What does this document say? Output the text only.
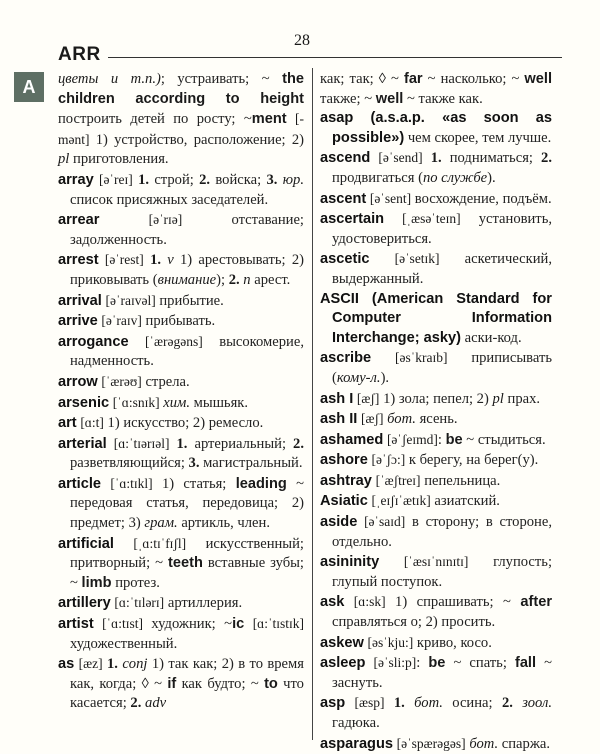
ARR
28
A	цветы и т.п.); устраивать; ~ the children according to height построить детей по росту; ~ment [-mənt] 1) устройство, расположение; 2) pl приготовления.

array [əˈreɪ] 1. строй; 2. войска; 3. юр. список присяжных заседателей.

arrear	[əˈrɪə] отставание; задолженность.

arrest [əˈrest] 1. v 1) арестовывать; 2) приковывать (внимание); 2. n арест.

arrival [əˈraɪvəl] прибытие.

arrive [əˈraɪv] прибывать.

arrogance [ˈærəgəns] высокомерие, надменность.

arrow [ˈærəʊ] стрела.

arsenic [ˈɑ:snɪk] хим. мышьяк.

art [ɑ:t] 1) искусство; 2) ремесло.

arterial [ɑ:ˈtɪərɪəl] 1. артериальный; 2. разветвляющийся; 3. магистральный.

article [ˈɑ:tɪkl] 1) статья; leading ~ передовая статья, передовица; 2) предмет; 3) грам. артикль, член.

artificial [ˌɑ:tɪˈfɪʃl] искусственный; притворный; ~ teeth вставные зубы; ~ limb протез.

artillery [ɑ:ˈtɪlərɪ] артиллерия.

artist [ˈɑ:tɪst] художник; ~ic [ɑ:ˈtɪstɪk] художественный.

as [æz] 1. conj 1) так как; 2) в то время как, когда; ◊ ~ if как будто; ~ to что касается; 2. adv

как; так; ◊ ~ far ~ насколько; ~ well также; ~ well ~ также как.

asap (a.s.a.p. «as soon as possible») чем скорее, тем лучше.

ascend [əˈsend] 1. подниматься; 2. продвигаться (по службе).

ascent [əˈsent] восхождение, подъём.

ascertain [ˌæsəˈteɪn] установить, удостовериться.

ascetic [əˈsetɪk] аскетический, выдержанный.

ASCII (American Standard for Computer Information Interchange; asky) аски-код.

ascribe [əsˈkraɪb] приписывать (кому-л.).

ash I [æʃ] 1) зола; пепел; 2) pl прах.

ash II [æʃ] бот. ясень.

ashamed [əˈʃeɪmd]: be ~ стыдиться.

ashore [əˈʃɔ:] к берегу, на берег(у).

ashtray [ˈæʃtreɪ] пепельница.

Asiatic [ˌeɪʃɪˈætɪk] азиатский.

aside [əˈsaɪd] в сторону; в стороне, отдельно.

asininity [ˈæsɪˈnɪnɪtɪ] глупость; глупый поступок.

ask [ɑ:sk] 1) спрашивать; ~ after справляться о; 2) просить.

askew [əsˈkju:] криво, косо.

asleep [əˈsli:p]: be ~ спать; fall ~ заснуть.

asp [æsp] 1. бот. осина; 2. зоол. гадюка.

asparagus [əˈspærəgəs] бот. спаржа.
